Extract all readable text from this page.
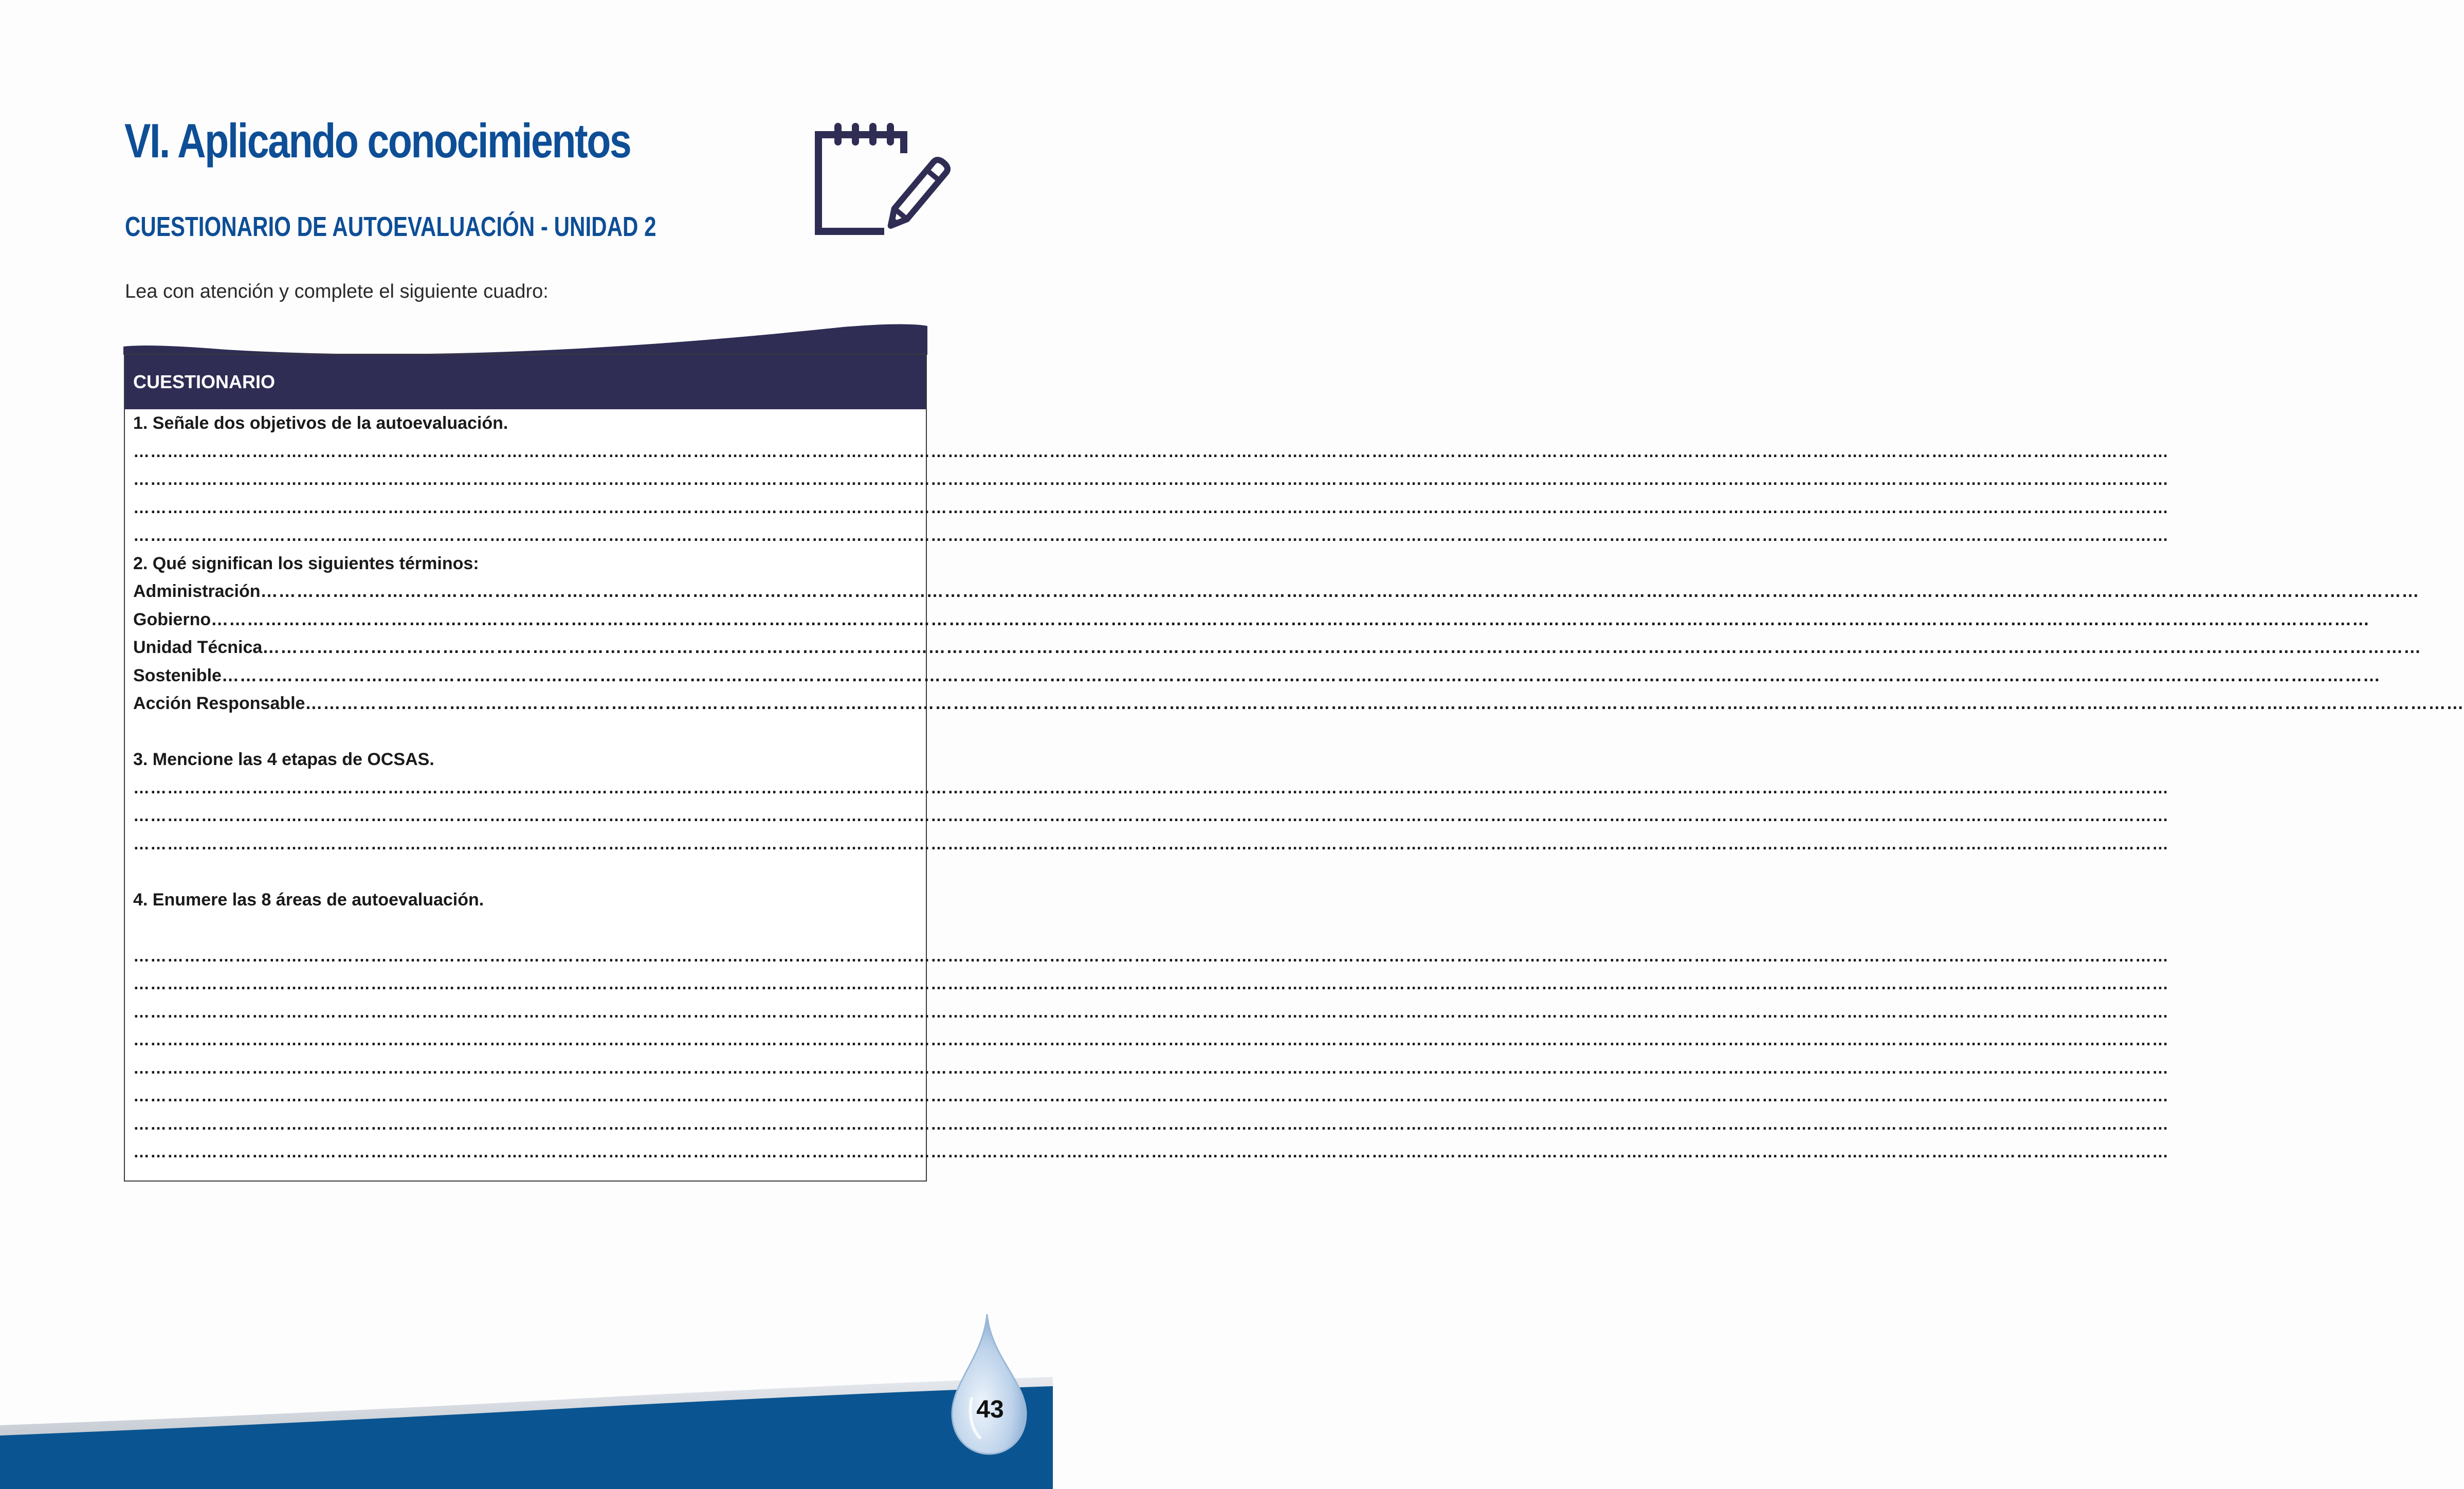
VI. Aplicando conocimientos
CUESTIONARIO DE AUTOEVALUACIÓN - UNIDAD 2
Lea con atención y complete el siguiente cuadro:
CUESTIONARIO
1. Señale dos objetivos de la autoevaluación.
………………………………………………………………………………………………………………………………………………………………………………………………………………………………………………………………………………………………………………………………
………………………………………………………………………………………………………………………………………………………………………………………………………………………………………………………………………………………………………………………………
………………………………………………………………………………………………………………………………………………………………………………………………………………………………………………………………………………………………………………………………
………………………………………………………………………………………………………………………………………………………………………………………………………………………………………………………………………………………………………………………………
2. Qué significan los siguientes términos:
Administración ………………………………………………………………………………………………………………………………………………………………………………………………………………………………………………………………………………………………………………………………
Gobierno ………………………………………………………………………………………………………………………………………………………………………………………………………………………………………………………………………………………………………………………………
Unidad Técnica ………………………………………………………………………………………………………………………………………………………………………………………………………………………………………………………………………………………………………………………………
Sostenible ………………………………………………………………………………………………………………………………………………………………………………………………………………………………………………………………………………………………………………………………
Acción Responsable ………………………………………………………………………………………………………………………………………………………………………………………………………………………………………………………………………………………………………………………………
3. Mencione las 4 etapas de OCSAS.
………………………………………………………………………………………………………………………………………………………………………………………………………………………………………………………………………………………………………………………………
………………………………………………………………………………………………………………………………………………………………………………………………………………………………………………………………………………………………………………………………
………………………………………………………………………………………………………………………………………………………………………………………………………………………………………………………………………………………………………………………………
4. Enumere las 8 áreas de autoevaluación.
………………………………………………………………………………………………………………………………………………………………………………………………………………………………………………………………………………………………………………………………
………………………………………………………………………………………………………………………………………………………………………………………………………………………………………………………………………………………………………………………………
………………………………………………………………………………………………………………………………………………………………………………………………………………………………………………………………………………………………………………………………
………………………………………………………………………………………………………………………………………………………………………………………………………………………………………………………………………………………………………………………………
………………………………………………………………………………………………………………………………………………………………………………………………………………………………………………………………………………………………………………………………
………………………………………………………………………………………………………………………………………………………………………………………………………………………………………………………………………………………………………………………………
………………………………………………………………………………………………………………………………………………………………………………………………………………………………………………………………………………………………………………………………
………………………………………………………………………………………………………………………………………………………………………………………………………………………………………………………………………………………………………………………………
43
